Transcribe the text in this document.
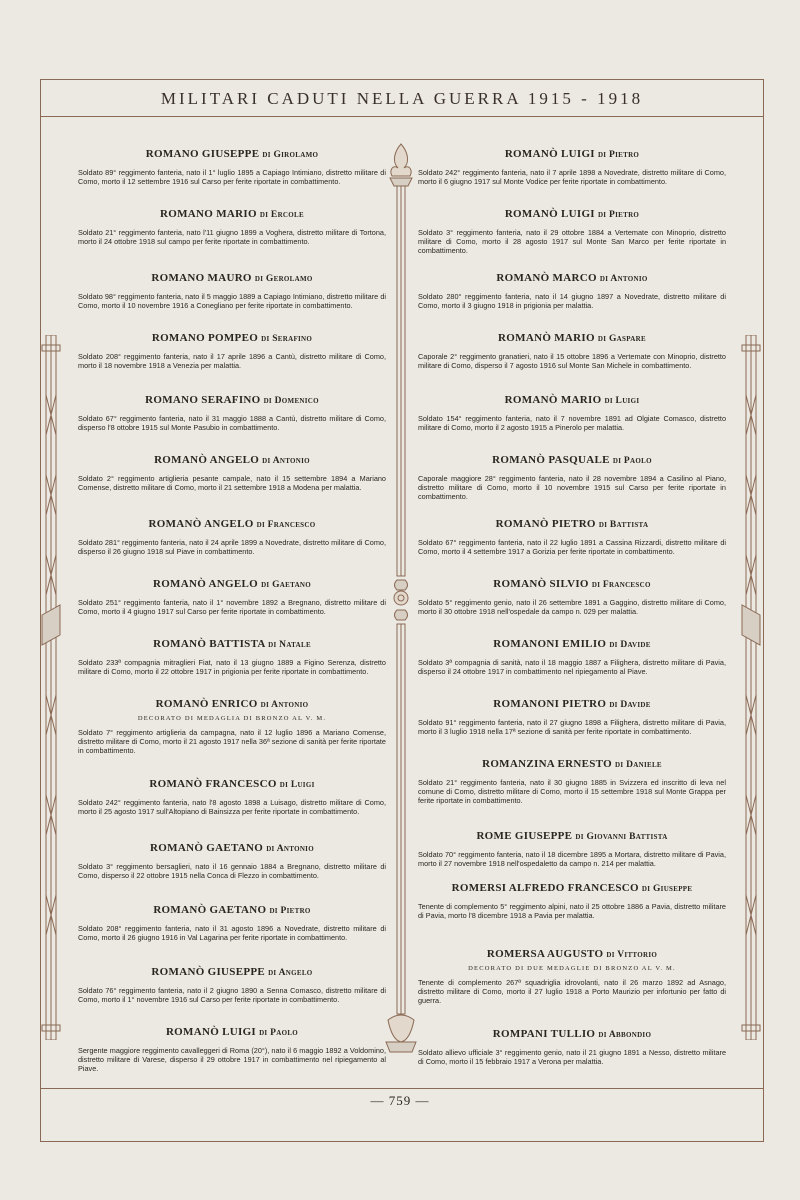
MILITARI CADUTI NELLA GUERRA 1915 - 1918
ROMANO GIUSEPPE di Girolamo
Soldato 89° reggimento fanteria, nato il 1° luglio 1895 a Capiago Intimiano, distretto militare di Como, morto il 12 settembre 1916 sul Carso per ferite riportate in combattimento.
ROMANO MARIO di Ercole
Soldato 21° reggimento fanteria, nato l'11 giugno 1899 a Voghera, distretto militare di Tortona, morto il 24 ottobre 1918 sul campo per ferite riportate in combattimento.
ROMANO MAURO di Gerolamo
Soldato 98° reggimento fanteria, nato il 5 maggio 1889 a Capiago Intimiano, distretto militare di Como, morto il 10 novembre 1916 a Conegliano per ferite riportate in combattimento.
ROMANO POMPEO di Serafino
Soldato 208° reggimento fanteria, nato il 17 aprile 1896 a Cantù, distretto militare di Como, morto il 18 novembre 1918 a Venezia per malattia.
ROMANO SERAFINO di Domenico
Soldato 67° reggimento fanteria, nato il 31 maggio 1888 a Cantù, distretto militare di Como, disperso l'8 ottobre 1915 sul Monte Pasubio in combattimento.
ROMANÒ ANGELO di Antonio
Soldato 2° reggimento artiglieria pesante campale, nato il 15 settembre 1894 a Mariano Comense, distretto militare di Como, morto il 21 settembre 1918 a Modena per malattia.
ROMANÒ ANGELO di Francesco
Soldato 281° reggimento fanteria, nato il 24 aprile 1899 a Novedrate, distretto militare di Como, disperso il 26 giugno 1918 sul Piave in combattimento.
ROMANÒ ANGELO di Gaetano
Soldato 251° reggimento fanteria, nato il 1° novembre 1892 a Bregnano, distretto militare di Como, morto il 4 giugno 1917 sul Carso per ferite riportate in combattimento.
ROMANÒ BATTISTA di Natale
Soldato 233ª compagnia mitraglieri Fiat, nato il 13 giugno 1889 a Figino Serenza, distretto militare di Como, morto il 22 ottobre 1917 in prigionia per ferite riportate in combattimento.
ROMANÒ ENRICO di Antonio
DECORATO DI MEDAGLIA DI BRONZO AL V. M.
Soldato 7° reggimento artiglieria da campagna, nato il 12 luglio 1896 a Mariano Comense, distretto militare di Como, morto il 21 agosto 1917 nella 36ª sezione di sanità per ferite riportate in combattimento.
ROMANÒ FRANCESCO di Luigi
Soldato 242° reggimento fanteria, nato l'8 agosto 1898 a Luisago, distretto militare di Como, morto il 25 agosto 1917 sull'Altopiano di Bainsizza per ferite riportate in combattimento.
ROMANÒ GAETANO di Antonio
Soldato 3° reggimento bersaglieri, nato il 16 gennaio 1884 a Bregnano, distretto militare di Como, disperso il 22 ottobre 1915 nella Conca di Flezzo in combattimento.
ROMANÒ GAETANO di Pietro
Soldato 208° reggimento fanteria, nato il 31 agosto 1896 a Novedrate, distretto militare di Como, morto il 26 giugno 1916 in Val Lagarina per ferite riportate in combattimento.
ROMANÒ GIUSEPPE di Angelo
Soldato 76° reggimento fanteria, nato il 2 giugno 1890 a Senna Comasco, distretto militare di Como, morto il 1° novembre 1916 sul Carso per ferite riportate in combattimento.
ROMANÒ LUIGI di Paolo
Sergente maggiore reggimento cavalleggeri di Roma (20°), nato il 6 maggio 1892 a Voldomino, distretto militare di Varese, disperso il 29 ottobre 1917 in combattimento nel ripiegamento al Piave.
ROMANÒ LUIGI di Pietro
Soldato 242° reggimento fanteria, nato il 7 aprile 1898 a Novedrate, distretto militare di Como, morto il 6 giugno 1917 sul Monte Vodice per ferite riportate in combattimento.
ROMANÒ LUIGI di Pietro
Soldato 3° reggimento fanteria, nato il 29 ottobre 1884 a Vertemate con Minoprio, distretto militare di Como, morto il 28 agosto 1917 sul Monte San Marco per ferite riportate in combattimento.
ROMANÒ MARCO di Antonio
Soldato 280° reggimento fanteria, nato il 14 giugno 1897 a Novedrate, distretto militare di Como, morto il 3 giugno 1918 in prigionia per malattia.
ROMANÒ MARIO di Gaspare
Caporale 2° reggimento granatieri, nato il 15 ottobre 1896 a Vertemate con Minoprio, distretto militare di Como, disperso il 7 agosto 1916 sul Monte San Michele in combattimento.
ROMANÒ MARIO di Luigi
Soldato 154° reggimento fanteria, nato il 7 novembre 1891 ad Olgiate Comasco, distretto militare di Como, morto il 2 agosto 1915 a Pinerolo per malattia.
ROMANÒ PASQUALE di Paolo
Caporale maggiore 28° reggimento fanteria, nato il 28 novembre 1894 a Casilino al Piano, distretto militare di Como, morto il 10 novembre 1915 sul Carso per ferite riportate in combattimento.
ROMANÒ PIETRO di Battista
Soldato 67° reggimento fanteria, nato il 22 luglio 1891 a Cassina Rizzardi, distretto militare di Como, morto il 4 settembre 1917 a Gorizia per ferite riportate in combattimento.
ROMANÒ SILVIO di Francesco
Soldato 5° reggimento genio, nato il 26 settembre 1891 a Gaggino, distretto militare di Como, morto il 30 ottobre 1918 nell'ospedale da campo n. 029 per malattia.
ROMANONI EMILIO di Davide
Soldato 3ª compagnia di sanità, nato il 18 maggio 1887 a Filighera, distretto militare di Pavia, disperso il 24 ottobre 1917 in combattimento nel ripiegamento al Piave.
ROMANONI PIETRO di Davide
Soldato 91° reggimento fanteria, nato il 27 giugno 1898 a Filighera, distretto militare di Pavia, morto il 3 luglio 1918 nella 17ª sezione di sanità per ferite riportate in combattimento.
ROMANZINA ERNESTO di Daniele
Soldato 21° reggimento fanteria, nato il 30 giugno 1885 in Svizzera ed inscritto di leva nel comune di Como, distretto militare di Como, morto il 15 settembre 1918 sul Monte Grappa per ferite riportate in combattimento.
ROME GIUSEPPE di Giovanni Battista
Soldato 70° reggimento fanteria, nato il 18 dicembre 1895 a Mortara, distretto militare di Pavia, morto il 27 novembre 1918 nell'ospedaletto da campo n. 214 per malattia.
ROMERSI ALFREDO FRANCESCO di Giuseppe
Tenente di complemento 5° reggimento alpini, nato il 25 ottobre 1886 a Pavia, distretto militare di Pavia, morto l'8 dicembre 1918 a Pavia per malattia.
ROMERSA AUGUSTO di Vittorio
DECORATO DI DUE MEDAGLIE DI BRONZO AL V. M.
Tenente di complemento 267ª squadriglia idrovolanti, nato il 26 marzo 1892 ad Asnago, distretto militare di Como, morto il 27 luglio 1918 a Porto Maurizio per infortunio per fatto di guerra.
ROMPANI TULLIO di Abbondio
Soldato allievo ufficiale 3° reggimento genio, nato il 21 giugno 1891 a Nesso, distretto militare di Como, morto il 15 febbraio 1917 a Verona per malattia.
— 759 —
